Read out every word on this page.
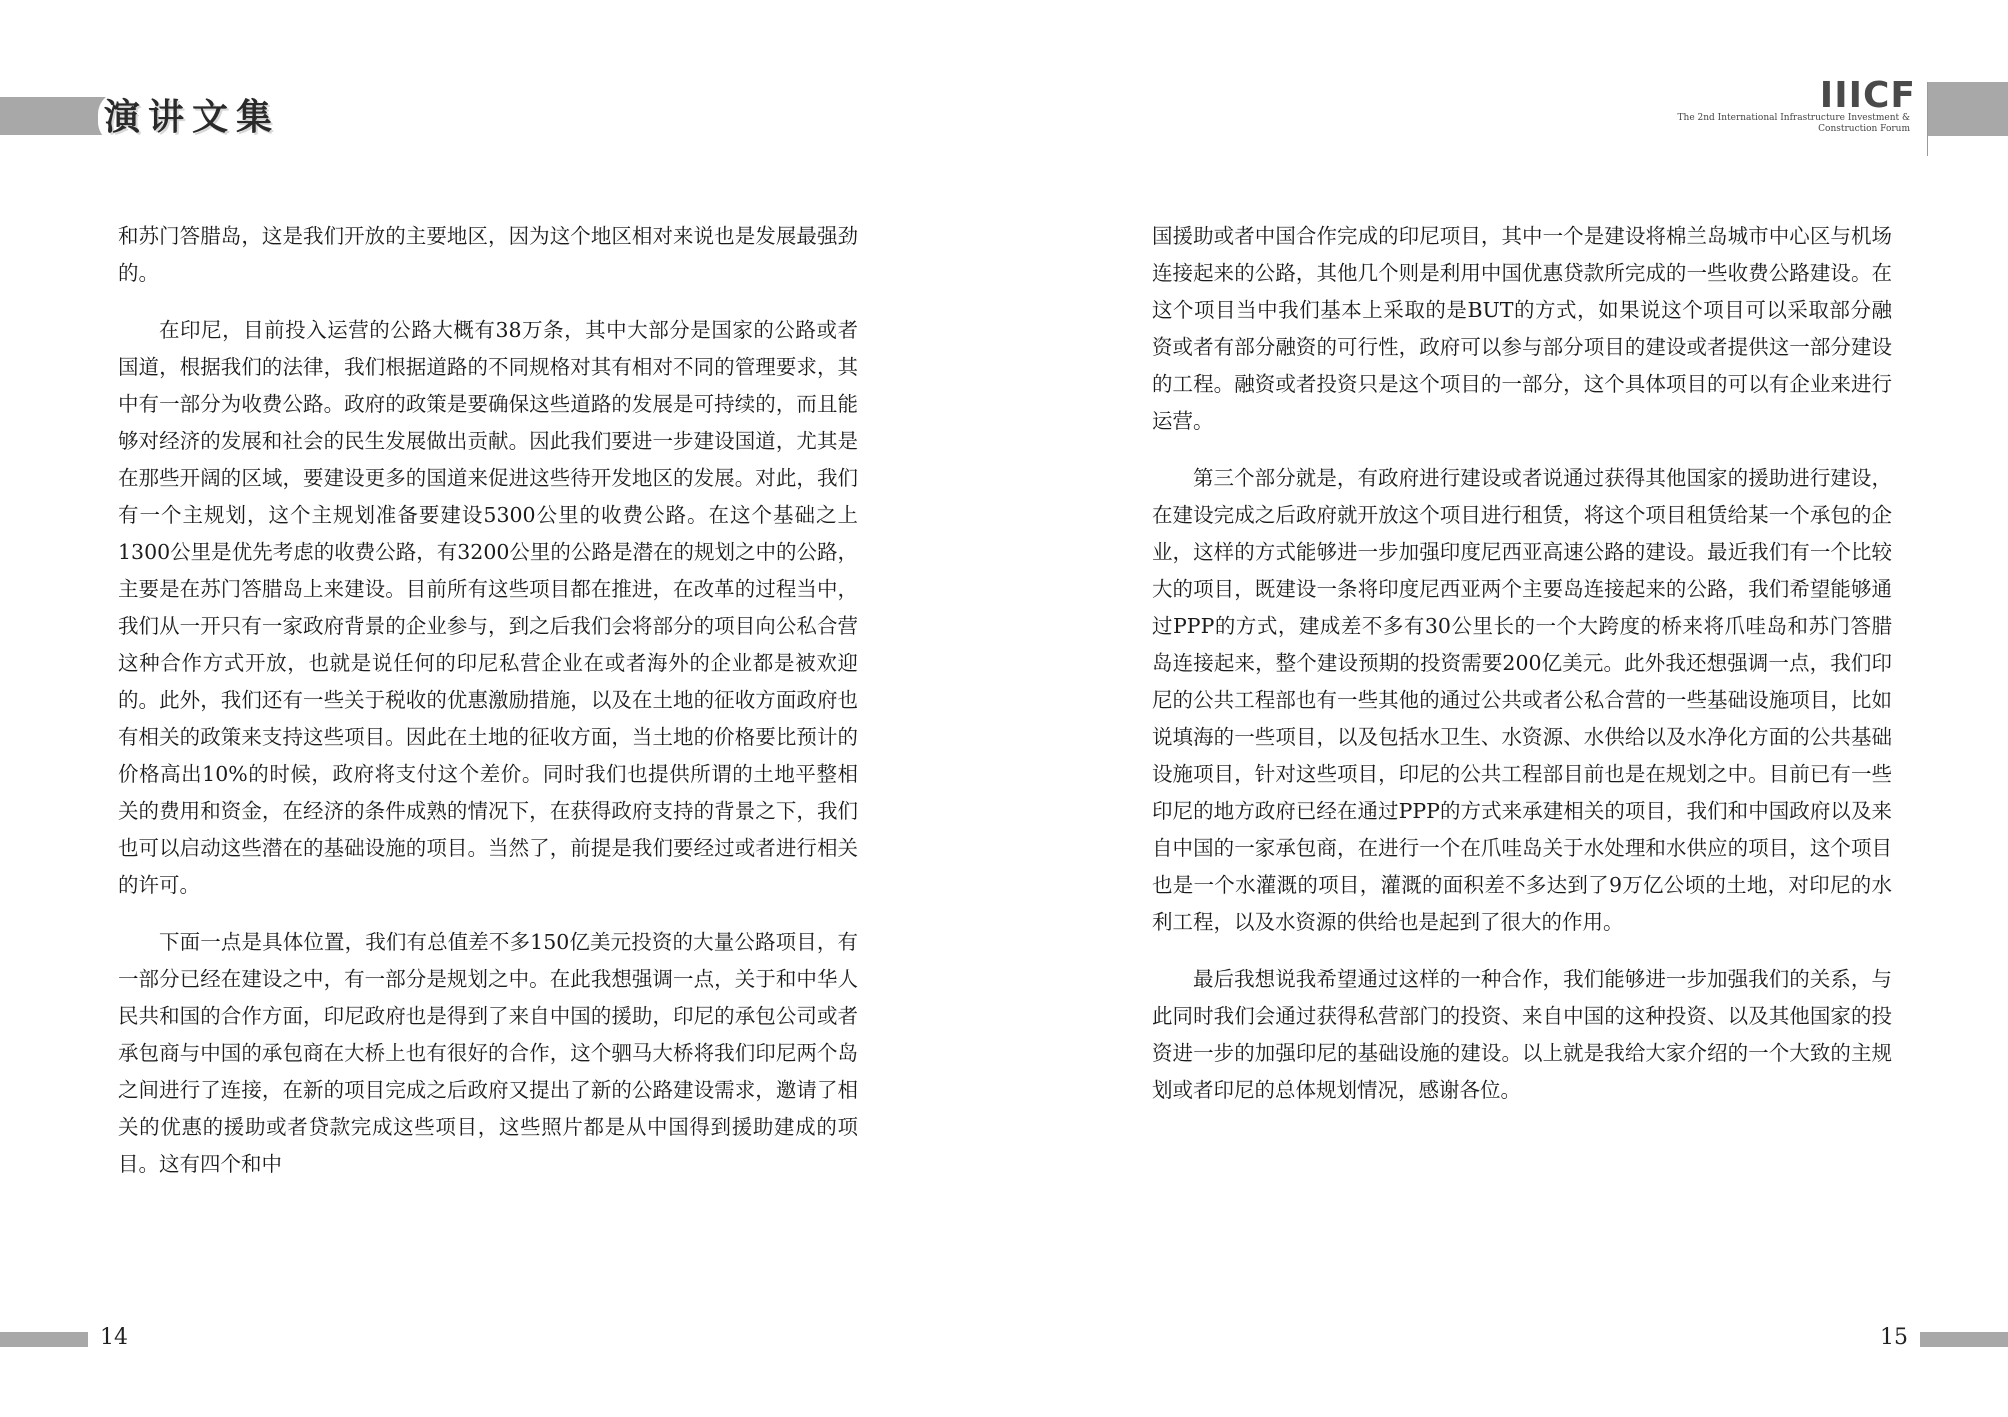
演讲文集

和苏门答腊岛，这是我们开放的主要地区，因为这个地区相对来说也是发展最强劲的。

在印尼，目前投入运营的公路大概有38万条，其中大部分是国家的公路或者国道，根据我们的法律，我们根据道路的不同规格对其有相对不同的管理要求，其中有一部分为收费公路。政府的政策是要确保这些道路的发展是可持续的，而且能够对经济的发展和社会的民生发展做出贡献。因此我们要进一步建设国道，尤其是在那些开阔的区域，要建设更多的国道来促进这些待开发地区的发展。对此，我们有一个主规划，这个主规划准备要建设5300公里的收费公路。在这个基础之上1300公里是优先考虑的收费公路，有3200公里的公路是潜在的规划之中的公路，主要是在苏门答腊岛上来建设。目前所有这些项目都在推进，在改革的过程当中，我们从一开只有一家政府背景的企业参与，到之后我们会将部分的项目向公私合营这种合作方式开放，也就是说任何的印尼私营企业在或者海外的企业都是被欢迎的。此外，我们还有一些关于税收的优惠激励措施，以及在土地的征收方面政府也有相关的政策来支持这些项目。因此在土地的征收方面，当土地的价格要比预计的价格高出10%的时候，政府将支付这个差价。同时我们也提供所谓的土地平整相关的费用和资金，在经济的条件成熟的情况下，在获得政府支持的背景之下，我们也可以启动这些潜在的基础设施的项目。当然了，前提是我们要经过或者进行相关的许可。

下面一点是具体位置，我们有总值差不多150亿美元投资的大量公路项目，有一部分已经在建设之中，有一部分是规划之中。在此我想强调一点，关于和中华人民共和国的合作方面，印尼政府也是得到了来自中国的援助，印尼的承包公司或者承包商与中国的承包商在大桥上也有很好的合作，这个驷马大桥将我们印尼两个岛之间进行了连接，在新的项目完成之后政府又提出了新的公路建设需求，邀请了相关的优惠的援助或者贷款完成这些项目，这些照片都是从中国得到援助建成的项目。这有四个和中

14
IIICF
The 2nd International Infrastructure Investment &
Construction Forum

国援助或者中国合作完成的印尼项目，其中一个是建设将棉兰岛城市中心区与机场连接起来的公路，其他几个则是利用中国优惠贷款所完成的一些收费公路建设。在这个项目当中我们基本上采取的是BUT的方式，如果说这个项目可以采取部分融资或者有部分融资的可行性，政府可以参与部分项目的建设或者提供这一部分建设的工程。融资或者投资只是这个项目的一部分，这个具体项目的可以有企业来进行运营。

第三个部分就是，有政府进行建设或者说通过获得其他国家的援助进行建设，在建设完成之后政府就开放这个项目进行租赁，将这个项目租赁给某一个承包的企业，这样的方式能够进一步加强印度尼西亚高速公路的建设。最近我们有一个比较大的项目，既建设一条将印度尼西亚两个主要岛连接起来的公路，我们希望能够通过PPP的方式，建成差不多有30公里长的一个大跨度的桥来将爪哇岛和苏门答腊岛连接起来，整个建设预期的投资需要200亿美元。此外我还想强调一点，我们印尼的公共工程部也有一些其他的通过公共或者公私合营的一些基础设施项目，比如说填海的一些项目，以及包括水卫生、水资源、水供给以及水净化方面的公共基础设施项目，针对这些项目，印尼的公共工程部目前也是在规划之中。目前已有一些印尼的地方政府已经在通过PPP的方式来承建相关的项目，我们和中国政府以及来自中国的一家承包商，在进行一个在爪哇岛关于水处理和水供应的项目，这个项目也是一个水灌溉的项目，灌溉的面积差不多达到了9万亿公顷的土地，对印尼的水利工程，以及水资源的供给也是起到了很大的作用。

最后我想说我希望通过这样的一种合作，我们能够进一步加强我们的关系，与此同时我们会通过获得私营部门的投资、来自中国的这种投资、以及其他国家的投资进一步的加强印尼的基础设施的建设。以上就是我给大家介绍的一个大致的主规划或者印尼的总体规划情况，感谢各位。

15
